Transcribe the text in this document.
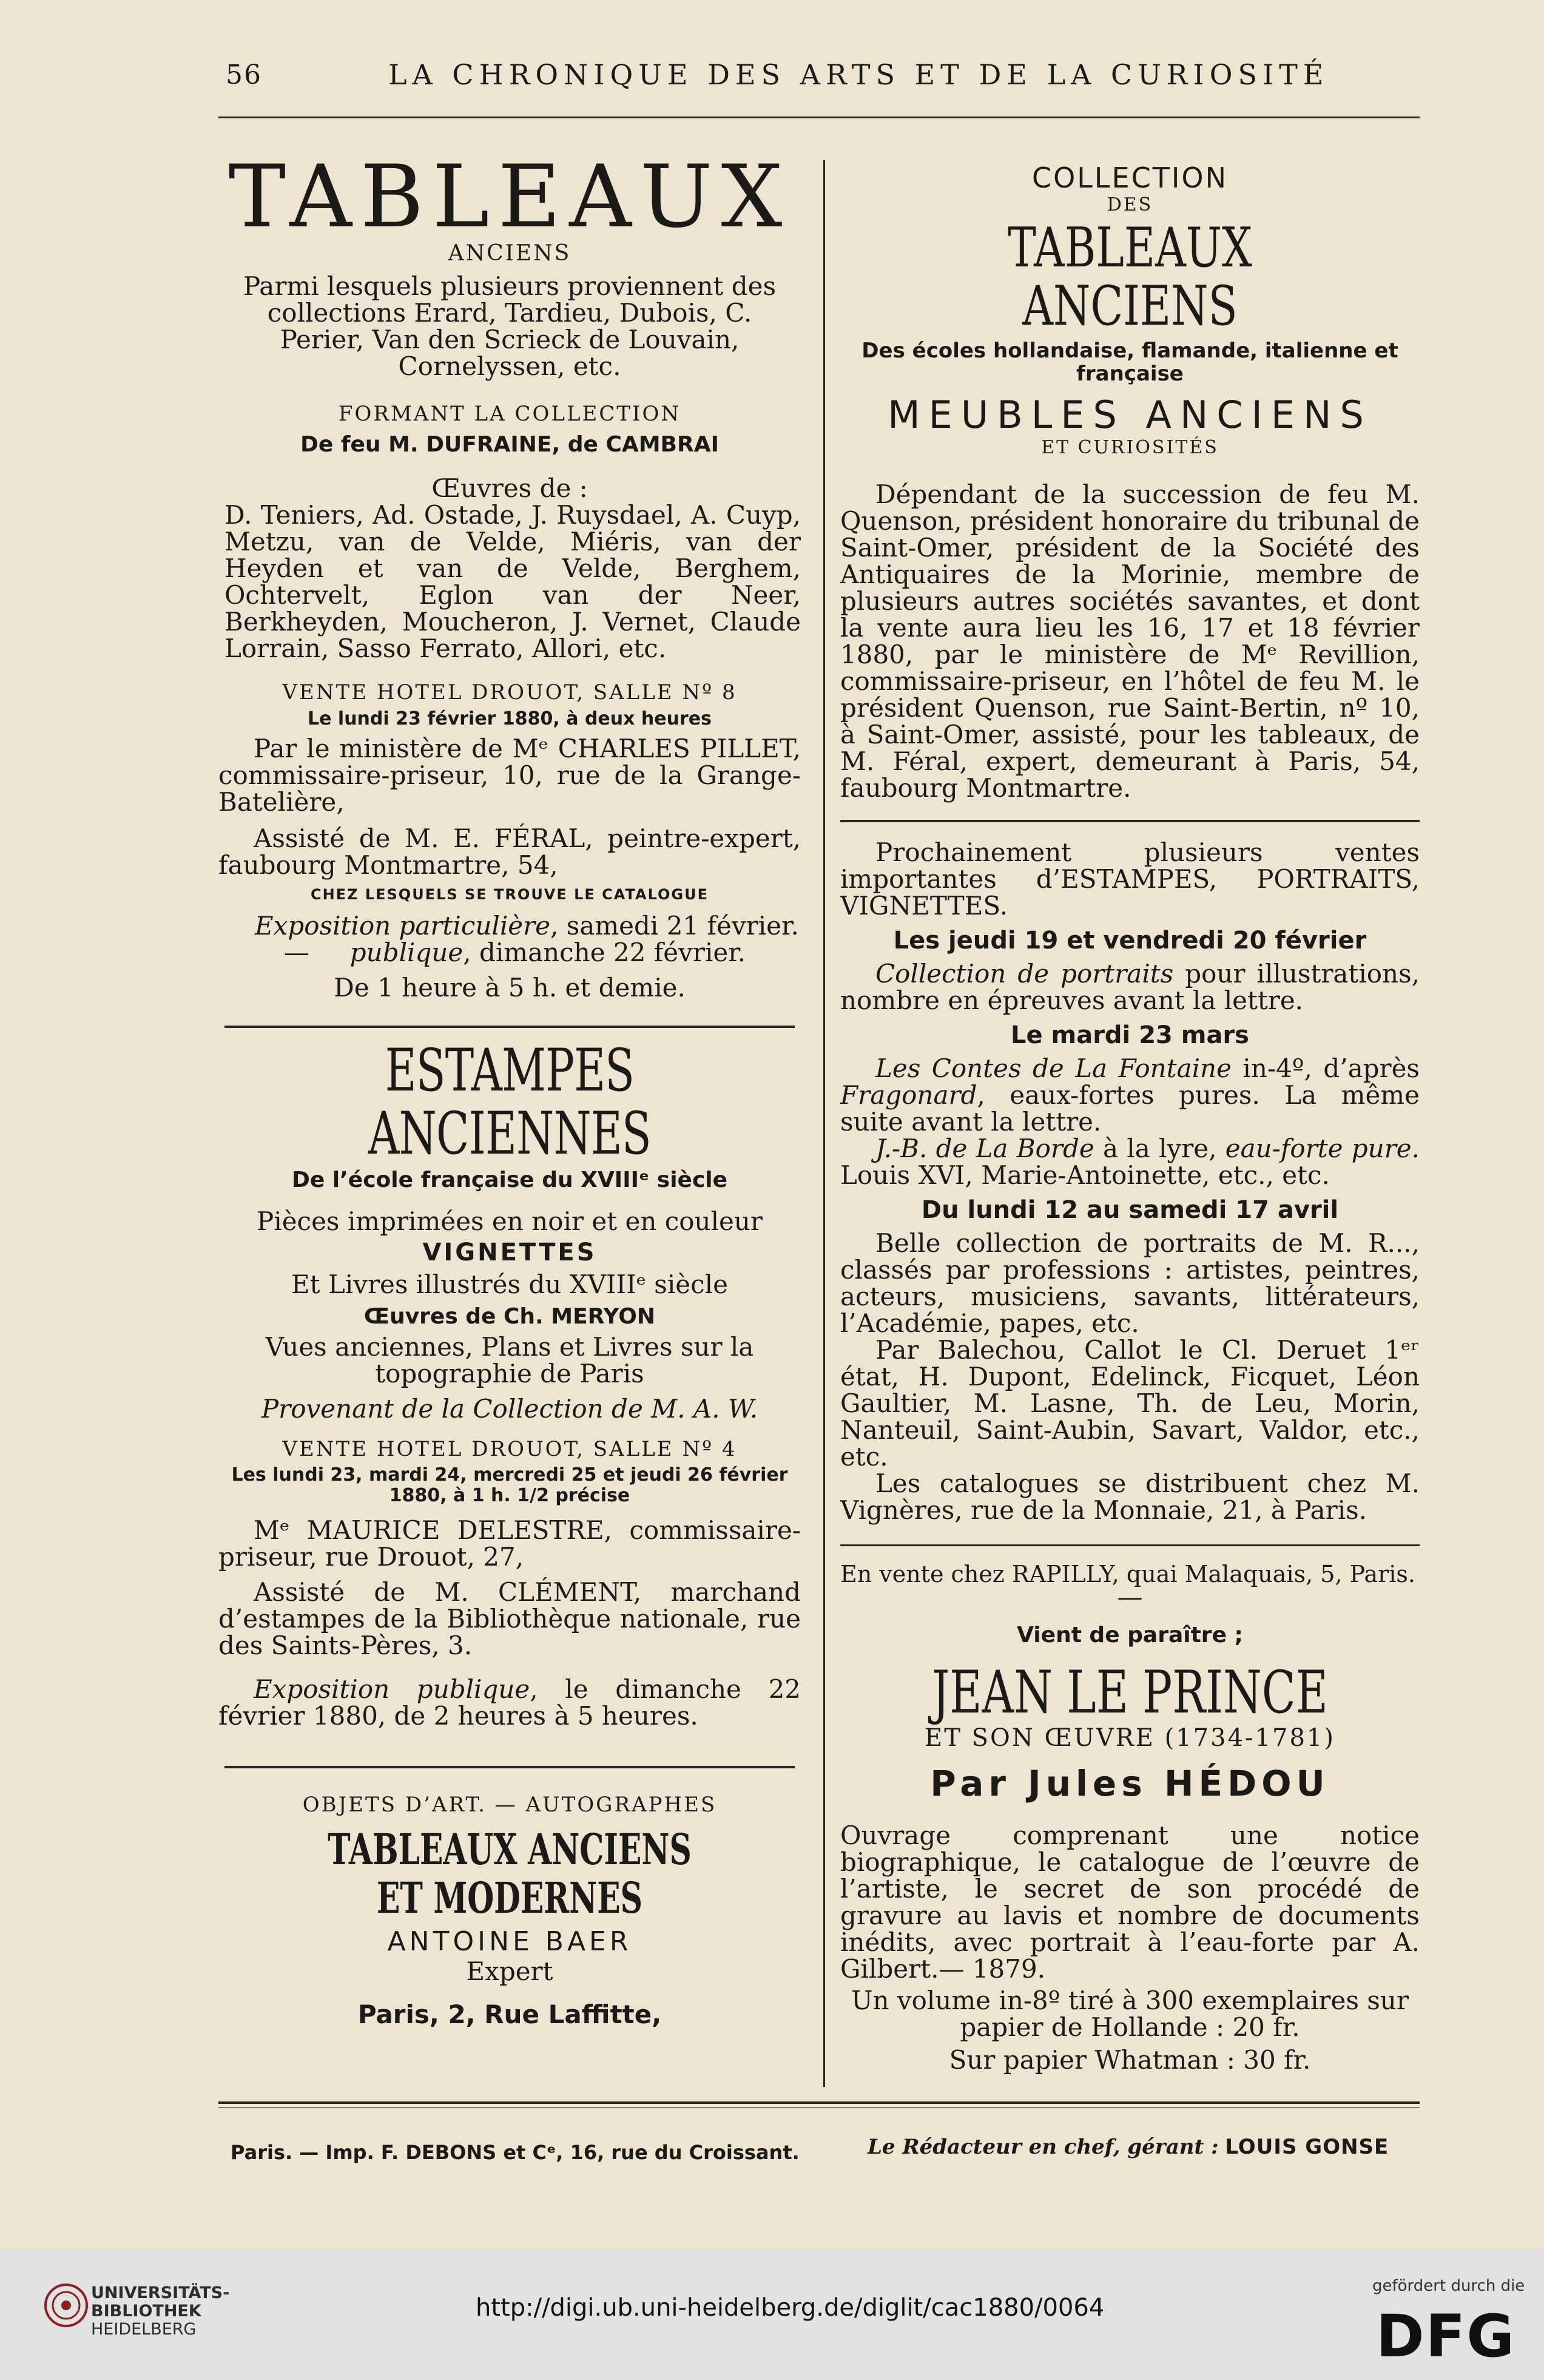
56	LA CHRONIQUE DES ARTS ET DE LA CURIOSITÉ
TABLEAUX
ANCIENS

Parmi lesquels plusieurs proviennent des collections Erard, Tardieu, Dubois, C. Perier, Van den Scrieck de Louvain, Cornelyssen, etc.

FORMANT LA COLLECTION
De feu M. DUFRAINE, de CAMBRAI
Œuvres de :

D. Teniers, Ad. Ostade, J. Ruysdael, A. Cuyp, Metzu, van de Velde, Miéris, van der Heyden et van de Velde, Berghem, Ochtervelt, Eglon van der Neer, Berkheyden, Moucheron, J. Vernet, Claude Lorrain, Sasso Ferrato, Allori, etc.

VENTE HOTEL DROUOT, SALLE Nº 8
Le lundi 23 février 1880, à deux heures

Par le ministère de Mᵉ CHARLES PILLET, commissaire-priseur, 10, rue de la Grange-Batelière,

Assisté de M. E. FÉRAL, peintre-expert, faubourg Montmartre, 54,

CHEZ LESQUELS SE TROUVE LE CATALOGUE

Exposition particulière, samedi 21 février.

— publique, dimanche 22 février.

De 1 heure à 5 h. et demie.
ESTAMPES ANCIENNES
De l’école française du XVIIIᵉ siècle
Pièces imprimées en noir et en couleur
VIGNETTES
Et Livres illustrés du XVIIIᵉ siècle
Œuvres de Ch. MERYON

Vues anciennes, Plans et Livres sur la topographie de Paris

Provenant de la Collection de M. A. W.
VENTE HOTEL DROUOT, SALLE Nº 4

Les lundi 23, mardi 24, mercredi 25 et jeudi 26 février 1880, à 1 h. 1/2 précise

Mᵉ MAURICE DELESTRE, commissaire-priseur, rue Drouot, 27,

Assisté de M. CLÉMENT, marchand d’estampes de la Bibliothèque nationale, rue des Saints-Pères, 3.

Exposition publique, le dimanche 22 février 1880, de 2 heures à 5 heures.

OBJETS D’ART. — AUTOGRAPHES
TABLEAUX ANCIENS ET MODERNES
ANTOINE BAER
Expert
Paris, 2, Rue Laffitte,
COLLECTION
DES
TABLEAUX ANCIENS

Des écoles hollandaise, flamande, italienne et française

MEUBLES ANCIENS
ET CURIOSITÉS

Dépendant de la succession de feu M. Quenson, président honoraire du tribunal de Saint-Omer, président de la Société des Antiquaires de la Morinie, membre de plusieurs autres sociétés savantes, et dont la vente aura lieu les 16, 17 et 18 février 1880, par le ministère de Mᵉ Revillion, commissaire-priseur, en l’hôtel de feu M. le président Quenson, rue Saint-Bertin, nº 10, à Saint-Omer, assisté, pour les tableaux, de M. Féral, expert, demeurant à Paris, 54, faubourg Montmartre.

Prochainement plusieurs ventes importantes d’ESTAMPES, PORTRAITS, VIGNETTES.

Les jeudi 19 et vendredi 20 février

Collection de portraits pour illustrations, nombre en épreuves avant la lettre.

Le mardi 23 mars

Les Contes de La Fontaine in-4º, d’après Fragonard, eaux-fortes pures. La même suite avant la lettre.

J.-B. de La Borde à la lyre, eau-forte pure. Louis XVI, Marie-Antoinette, etc., etc.

Du lundi 12 au samedi 17 avril

Belle collection de portraits de M. R..., classés par professions : artistes, peintres, acteurs, musiciens, savants, littérateurs, l’Académie, papes, etc.

Par Balechou, Callot le Cl. Deruet 1ᵉʳ état, H. Dupont, Edelinck, Ficquet, Léon Gaultier, M. Lasne, Th. de Leu, Morin, Nanteuil, Saint-Aubin, Savart, Valdor, etc., etc.

Les catalogues se distribuent chez M. Vignères, rue de la Monnaie, 21, à Paris.

En vente chez RAPILLY, quai Malaquais, 5, Paris.
—
Vient de paraître ;
JEAN LE PRINCE
ET SON ŒUVRE (1734-1781)
Par Jules HÉDOU

Ouvrage comprenant une notice biographique, le catalogue de l’œuvre de l’artiste, le secret de son procédé de gravure au lavis et nombre de documents inédits, avec portrait à l’eau-forte par A. Gilbert.— 1879.

Un volume in-8º tiré à 300 exemplaires sur papier de Hollande : 20 fr.

Sur papier Whatman : 30 fr.
Paris. — Imp. F. DEBONS et Cᵉ, 16, rue du Croissant.	Le Rédacteur en chef, gérant : LOUIS GONSE
UNIVERSITÄTS-
BIBLIOTHEK
HEIDELBERG
http://digi.ub.uni-heidelberg.de/diglit/cac1880/0064
gefördert durch die
DFG
